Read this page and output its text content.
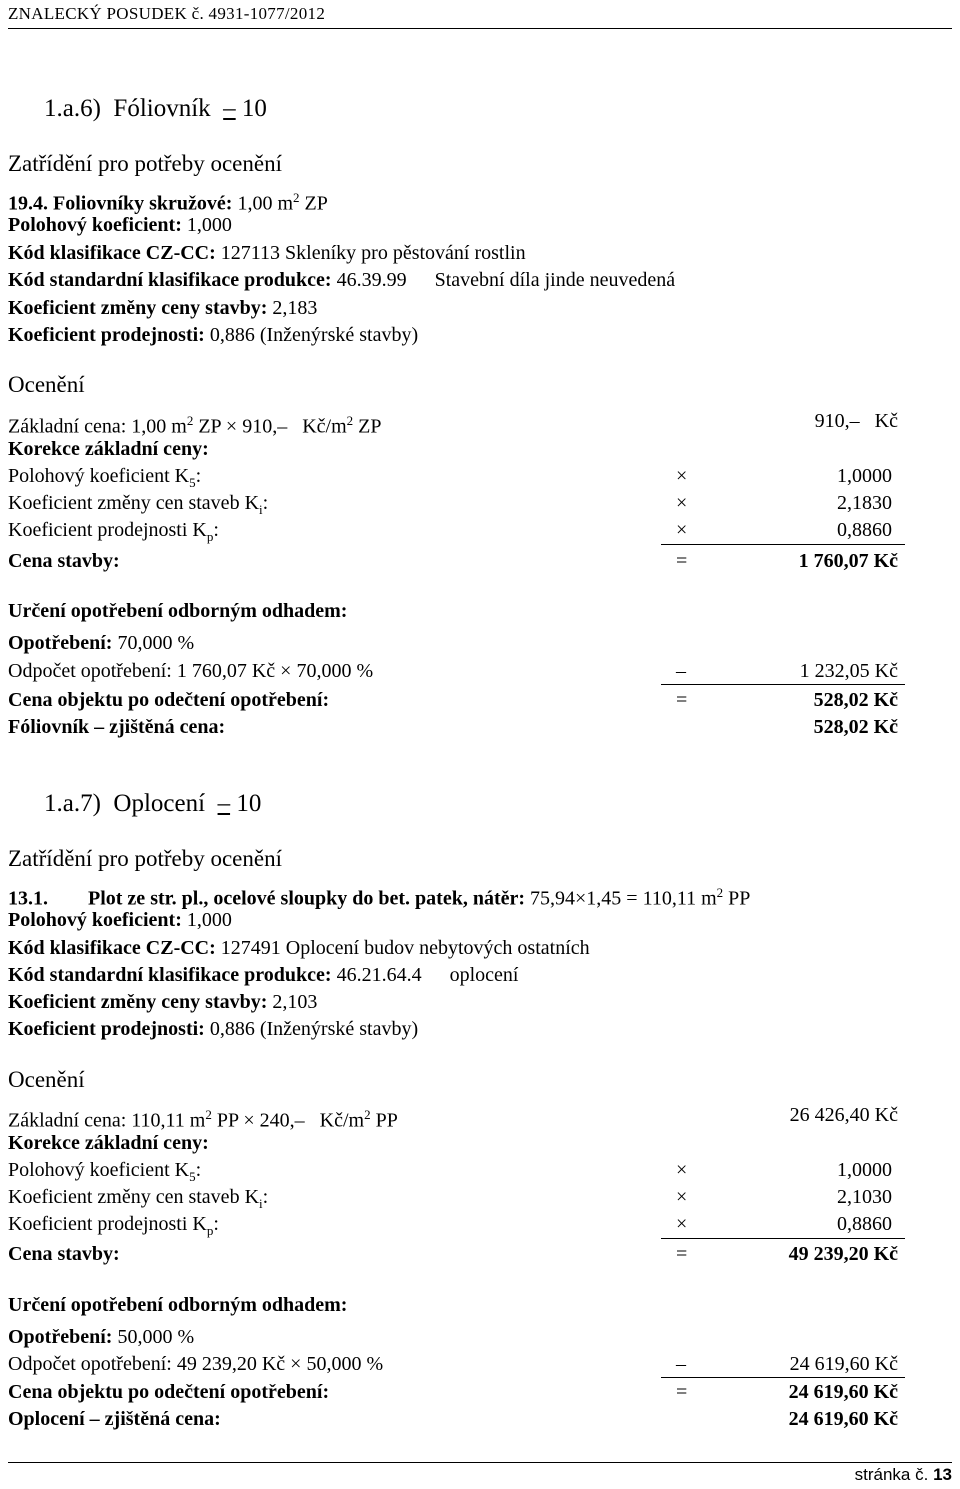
ZNALECKÝ POSUDEK č. 4931-1077/2012
1.a.6) Fóliovník – 10
Zatřídění pro potřeby ocenění
19.4. Foliovníky skružové: 1,00 $m^2$ ZP
Polohový koeficient: 1,000
Kód klasifikace CZ-CC: 127113 Skleníky pro pěstování rostlin
Kód standardní klasifikace produkce: 46.39.99 Stavební díla jinde neuvedená
Koeficient změny ceny stavby: 2,183
Koeficient prodejnosti: 0,886 (Inženýrské stavby)
Ocenění
Základní cena: 1,00 $m^2$ ZP × 910,– $Kč/m^2$ ZP	910,– Kč
Korekce základní ceny:
Polohový koeficient $K_5$:	×	1,0000
Koeficient změny cen staveb $K_i$:	×	2,1830
Koeficient prodejnosti $K_p$:	×	0,8860
Cena stavby:	=	1 760,07 Kč
Určení opotřebení odborným odhadem:
Opotřebení: 70,000 %
Odpočet opotřebení: 1 760,07 Kč × 70,000 %	–	1 232,05 Kč
Cena objektu po odečtení opotřebení:	=	528,02 Kč
Fóliovník – zjištěná cena:	528,02 Kč
1.a.7) Oplocení – 10
Zatřídění pro potřeby ocenění
13.1. Plot ze str. pl., ocelové sloupky do bet. patek, nátěr: 75,94×1,45 = 110,11 $m^2$ PP
Polohový koeficient: 1,000
Kód klasifikace CZ-CC: 127491 Oplocení budov nebytových ostatních
Kód standardní klasifikace produkce: 46.21.64.4 oplocení
Koeficient změny ceny stavby: 2,103
Koeficient prodejnosti: 0,886 (Inženýrské stavby)
Ocenění
Základní cena: 110,11 $m^2$ PP × 240,– $Kč/m^2$ PP	26 426,40 Kč
Korekce základní ceny:
Polohový koeficient $K_5$:	×	1,0000
Koeficient změny cen staveb $K_i$:	×	2,1030
Koeficient prodejnosti $K_p$:	×	0,8860
Cena stavby:	=	49 239,20 Kč
Určení opotřebení odborným odhadem:
Opotřebení: 50,000 %
Odpočet opotřebení: 49 239,20 Kč × 50,000 %	–	24 619,60 Kč
Cena objektu po odečtení opotřebení:	=	24 619,60 Kč
Oplocení – zjištěná cena:	24 619,60 Kč
stránka č. 13
